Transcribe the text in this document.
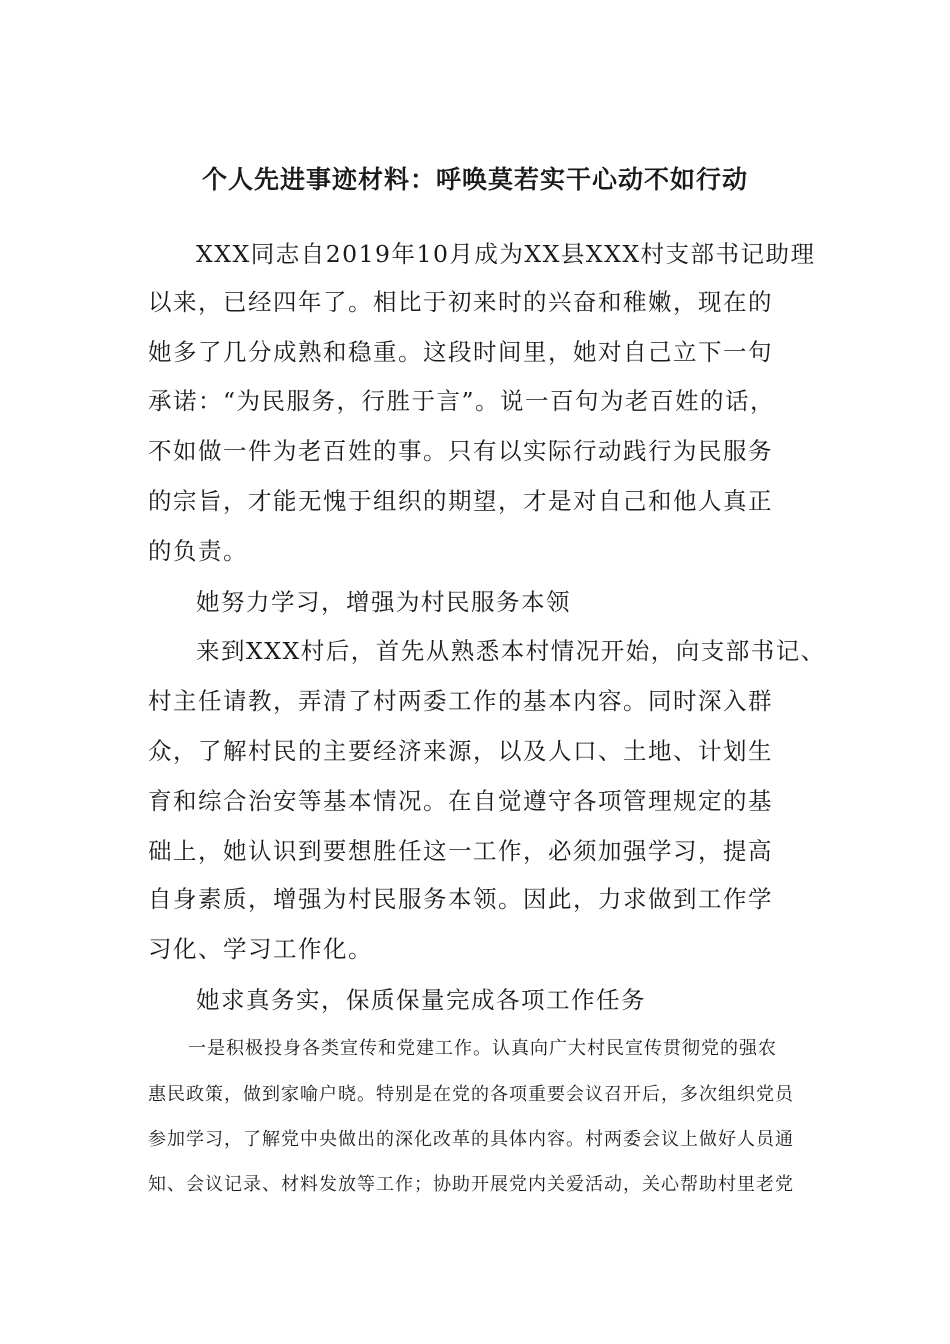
个人先进事迹材料：呼唤莫若实干心动不如行动
XXX同志自2019年10月成为XX县XXX村支部书记助理
以来，已经四年了。相比于初来时的兴奋和稚嫩，现在的
她多了几分成熟和稳重。这段时间里，她对自己立下一句
承诺：“为民服务，行胜于言”。说一百句为老百姓的话，
不如做一件为老百姓的事。只有以实际行动践行为民服务
的宗旨，才能无愧于组织的期望，才是对自己和他人真正
的负责。
她努力学习，增强为村民服务本领
来到XXX村后，首先从熟悉本村情况开始，向支部书记、
村主任请教，弄清了村两委工作的基本内容。同时深入群
众，了解村民的主要经济来源，以及人口、土地、计划生
育和综合治安等基本情况。在自觉遵守各项管理规定的基
础上，她认识到要想胜任这一工作，必须加强学习，提高
自身素质，增强为村民服务本领。因此，力求做到工作学
习化、学习工作化。
她求真务实，保质保量完成各项工作任务
一是积极投身各类宣传和党建工作。认真向广大村民宣传贯彻党的强农
惠民政策，做到家喻户晓。特别是在党的各项重要会议召开后，多次组织党员
参加学习，了解党中央做出的深化改革的具体内容。村两委会议上做好人员通
知、会议记录、材料发放等工作；协助开展党内关爱活动，关心帮助村里老党
